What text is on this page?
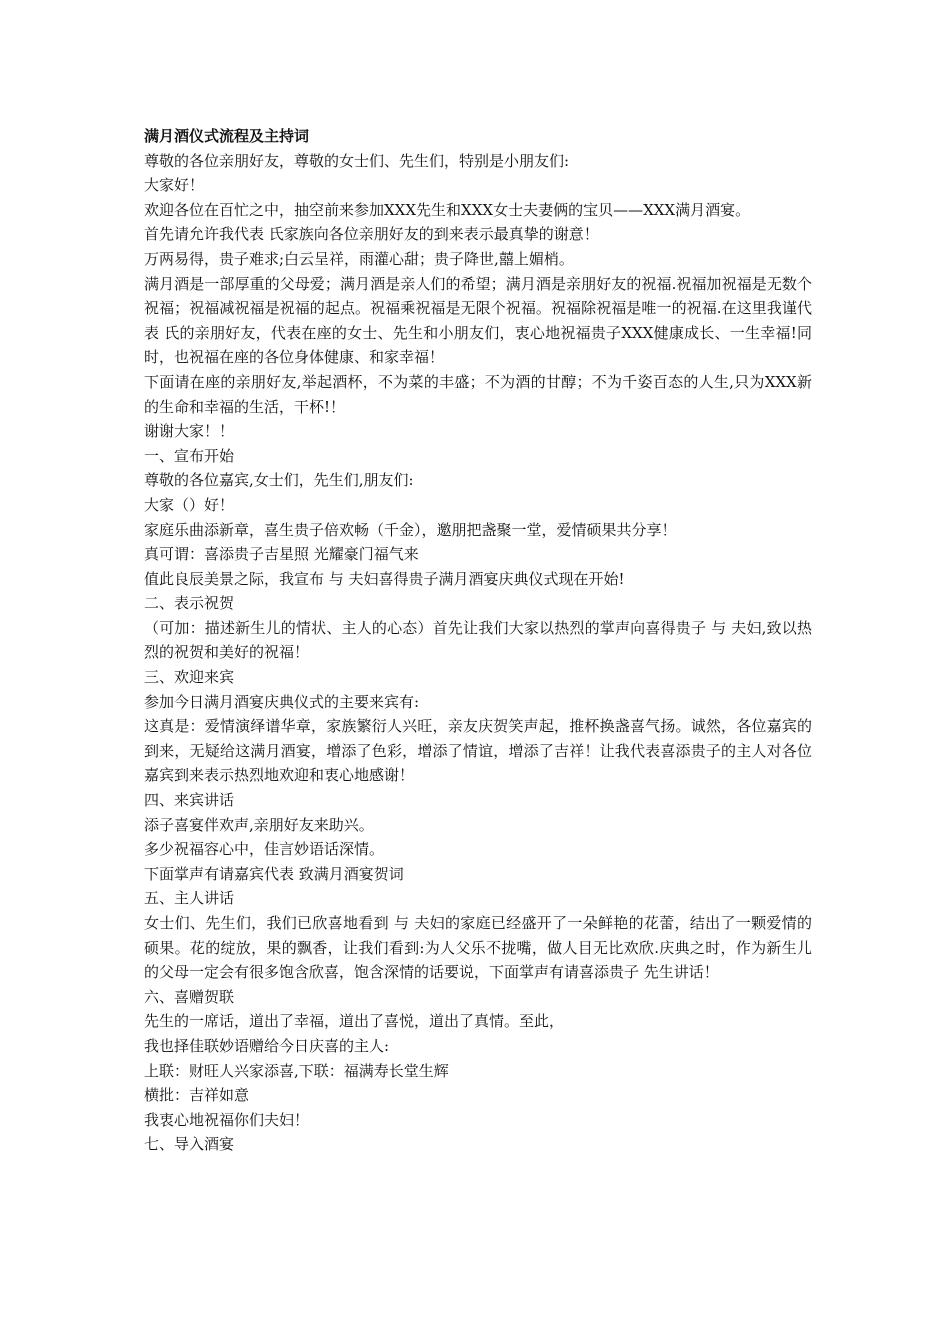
满月酒仪式流程及主持词

尊敬的各位亲朋好友，尊敬的女士们、先生们，特别是小朋友们:

大家好！

欢迎各位在百忙之中，抽空前来参加XXX先生和XXX女士夫妻俩的宝贝——XXX满月酒宴。

首先请允许我代表 氏家族向各位亲朋好友的到来表示最真挚的谢意！

万两易得，贵子难求;白云呈祥，雨灌心甜；贵子降世,囍上媚梢。

满月酒是一部厚重的父母爱；满月酒是亲人们的希望；满月酒是亲朋好友的祝福.祝福加祝福是无数个祝福；祝福减祝福是祝福的起点。祝福乘祝福是无限个祝福。祝福除祝福是唯一的祝福.在这里我谨代表 氏的亲朋好友，代表在座的女士、先生和小朋友们，衷心地祝福贵子XXX健康成长、一生幸福!同时，也祝福在座的各位身体健康、和家幸福！

下面请在座的亲朋好友,举起酒杯，不为菜的丰盛；不为酒的甘醇；不为千姿百态的人生,只为XXX新的生命和幸福的生活，干杯!！

谢谢大家！！

一、宣布开始

尊敬的各位嘉宾,女士们，先生们,朋友们:

大家（）好！

家庭乐曲添新章，喜生贵子倍欢畅（千金），邀朋把盏聚一堂，爱情硕果共分享！

真可谓：喜添贵子吉星照 光耀豪门福气来

值此良辰美景之际，我宣布 与 夫妇喜得贵子满月酒宴庆典仪式现在开始!

二、表示祝贺

（可加：描述新生儿的情状、主人的心态）首先让我们大家以热烈的掌声向喜得贵子 与 夫妇,致以热烈的祝贺和美好的祝福！

三、欢迎来宾

参加今日满月酒宴庆典仪式的主要来宾有:

这真是：爱情演绎谱华章，家族繁衍人兴旺，亲友庆贺笑声起，推杯换盏喜气扬。诚然，各位嘉宾的到来，无疑给这满月酒宴，增添了色彩，增添了情谊，增添了吉祥！让我代表喜添贵子的主人对各位嘉宾到来表示热烈地欢迎和衷心地感谢！

四、来宾讲话

添子喜宴伴欢声,亲朋好友来助兴。

多少祝福容心中，佳言妙语话深情。

下面掌声有请嘉宾代表 致满月酒宴贺词

五、主人讲话

女士们、先生们，我们已欣喜地看到 与 夫妇的家庭已经盛开了一朵鲜艳的花蕾，结出了一颗爱情的硕果。花的绽放，果的飘香，让我们看到:为人父乐不拢嘴，做人目无比欢欣.庆典之时，作为新生儿的父母一定会有很多饱含欣喜，饱含深情的话要说，下面掌声有请喜添贵子 先生讲话！

六、喜赠贺联

先生的一席话，道出了幸福，道出了喜悦，道出了真情。至此，

我也择佳联妙语赠给今日庆喜的主人:

上联：财旺人兴家添喜,下联：福满寿长堂生辉

横批：吉祥如意

我衷心地祝福你们夫妇！

七、导入酒宴
